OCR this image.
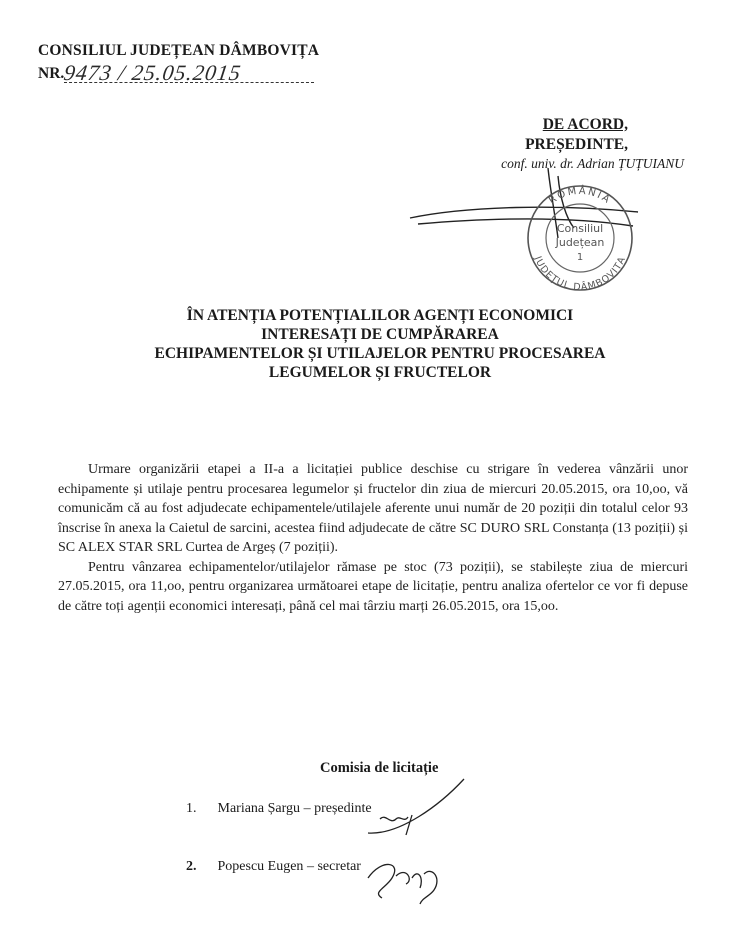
CONSILIUL JUDEȚEAN DÂMBOVIȚA
NR.
9473 / 25.05.2015
DE ACORD,
PREȘEDINTE,
conf. univ. dr. Adrian ȚUȚUIANU
ROMÂNIA
JUDEȚUL DÂMBOVIȚA
Consiliul
Județean
1
ÎN ATENȚIA POTENȚIALILOR AGENȚI ECONOMICI
INTERESAȚI DE CUMPĂRAREA
ECHIPAMENTELOR ȘI UTILAJELOR PENTRU PROCESAREA
LEGUMELOR ȘI FRUCTELOR

Urmare organizării etapei a II-a a licitației publice deschise cu strigare în vederea vânzării unor echipamente și utilaje pentru procesarea legumelor și fructelor din ziua de miercuri 20.05.2015, ora 10,oo, vă comunicăm că au fost adjudecate echipamentele/utilajele aferente unui număr de 20 poziții din totalul celor 93 înscrise în anexa la Caietul de sarcini, acestea fiind adjudecate de către SC DURO SRL Constanța (13 poziții) și SC ALEX STAR SRL Curtea de Argeș (7 poziții).

Pentru vânzarea echipamentelor/utilajelor rămase pe stoc (73 poziții), se stabilește ziua de miercuri 27.05.2015, ora 11,oo, pentru organizarea următoarei etape de licitație, pentru analiza ofertelor ce vor fi depuse de către toți agenții economici interesați, până cel mai târziu marți 26.05.2015, ora 15,oo.

Comisia de licitație
1. Mariana Șargu – președinte
2. Popescu Eugen – secretar
